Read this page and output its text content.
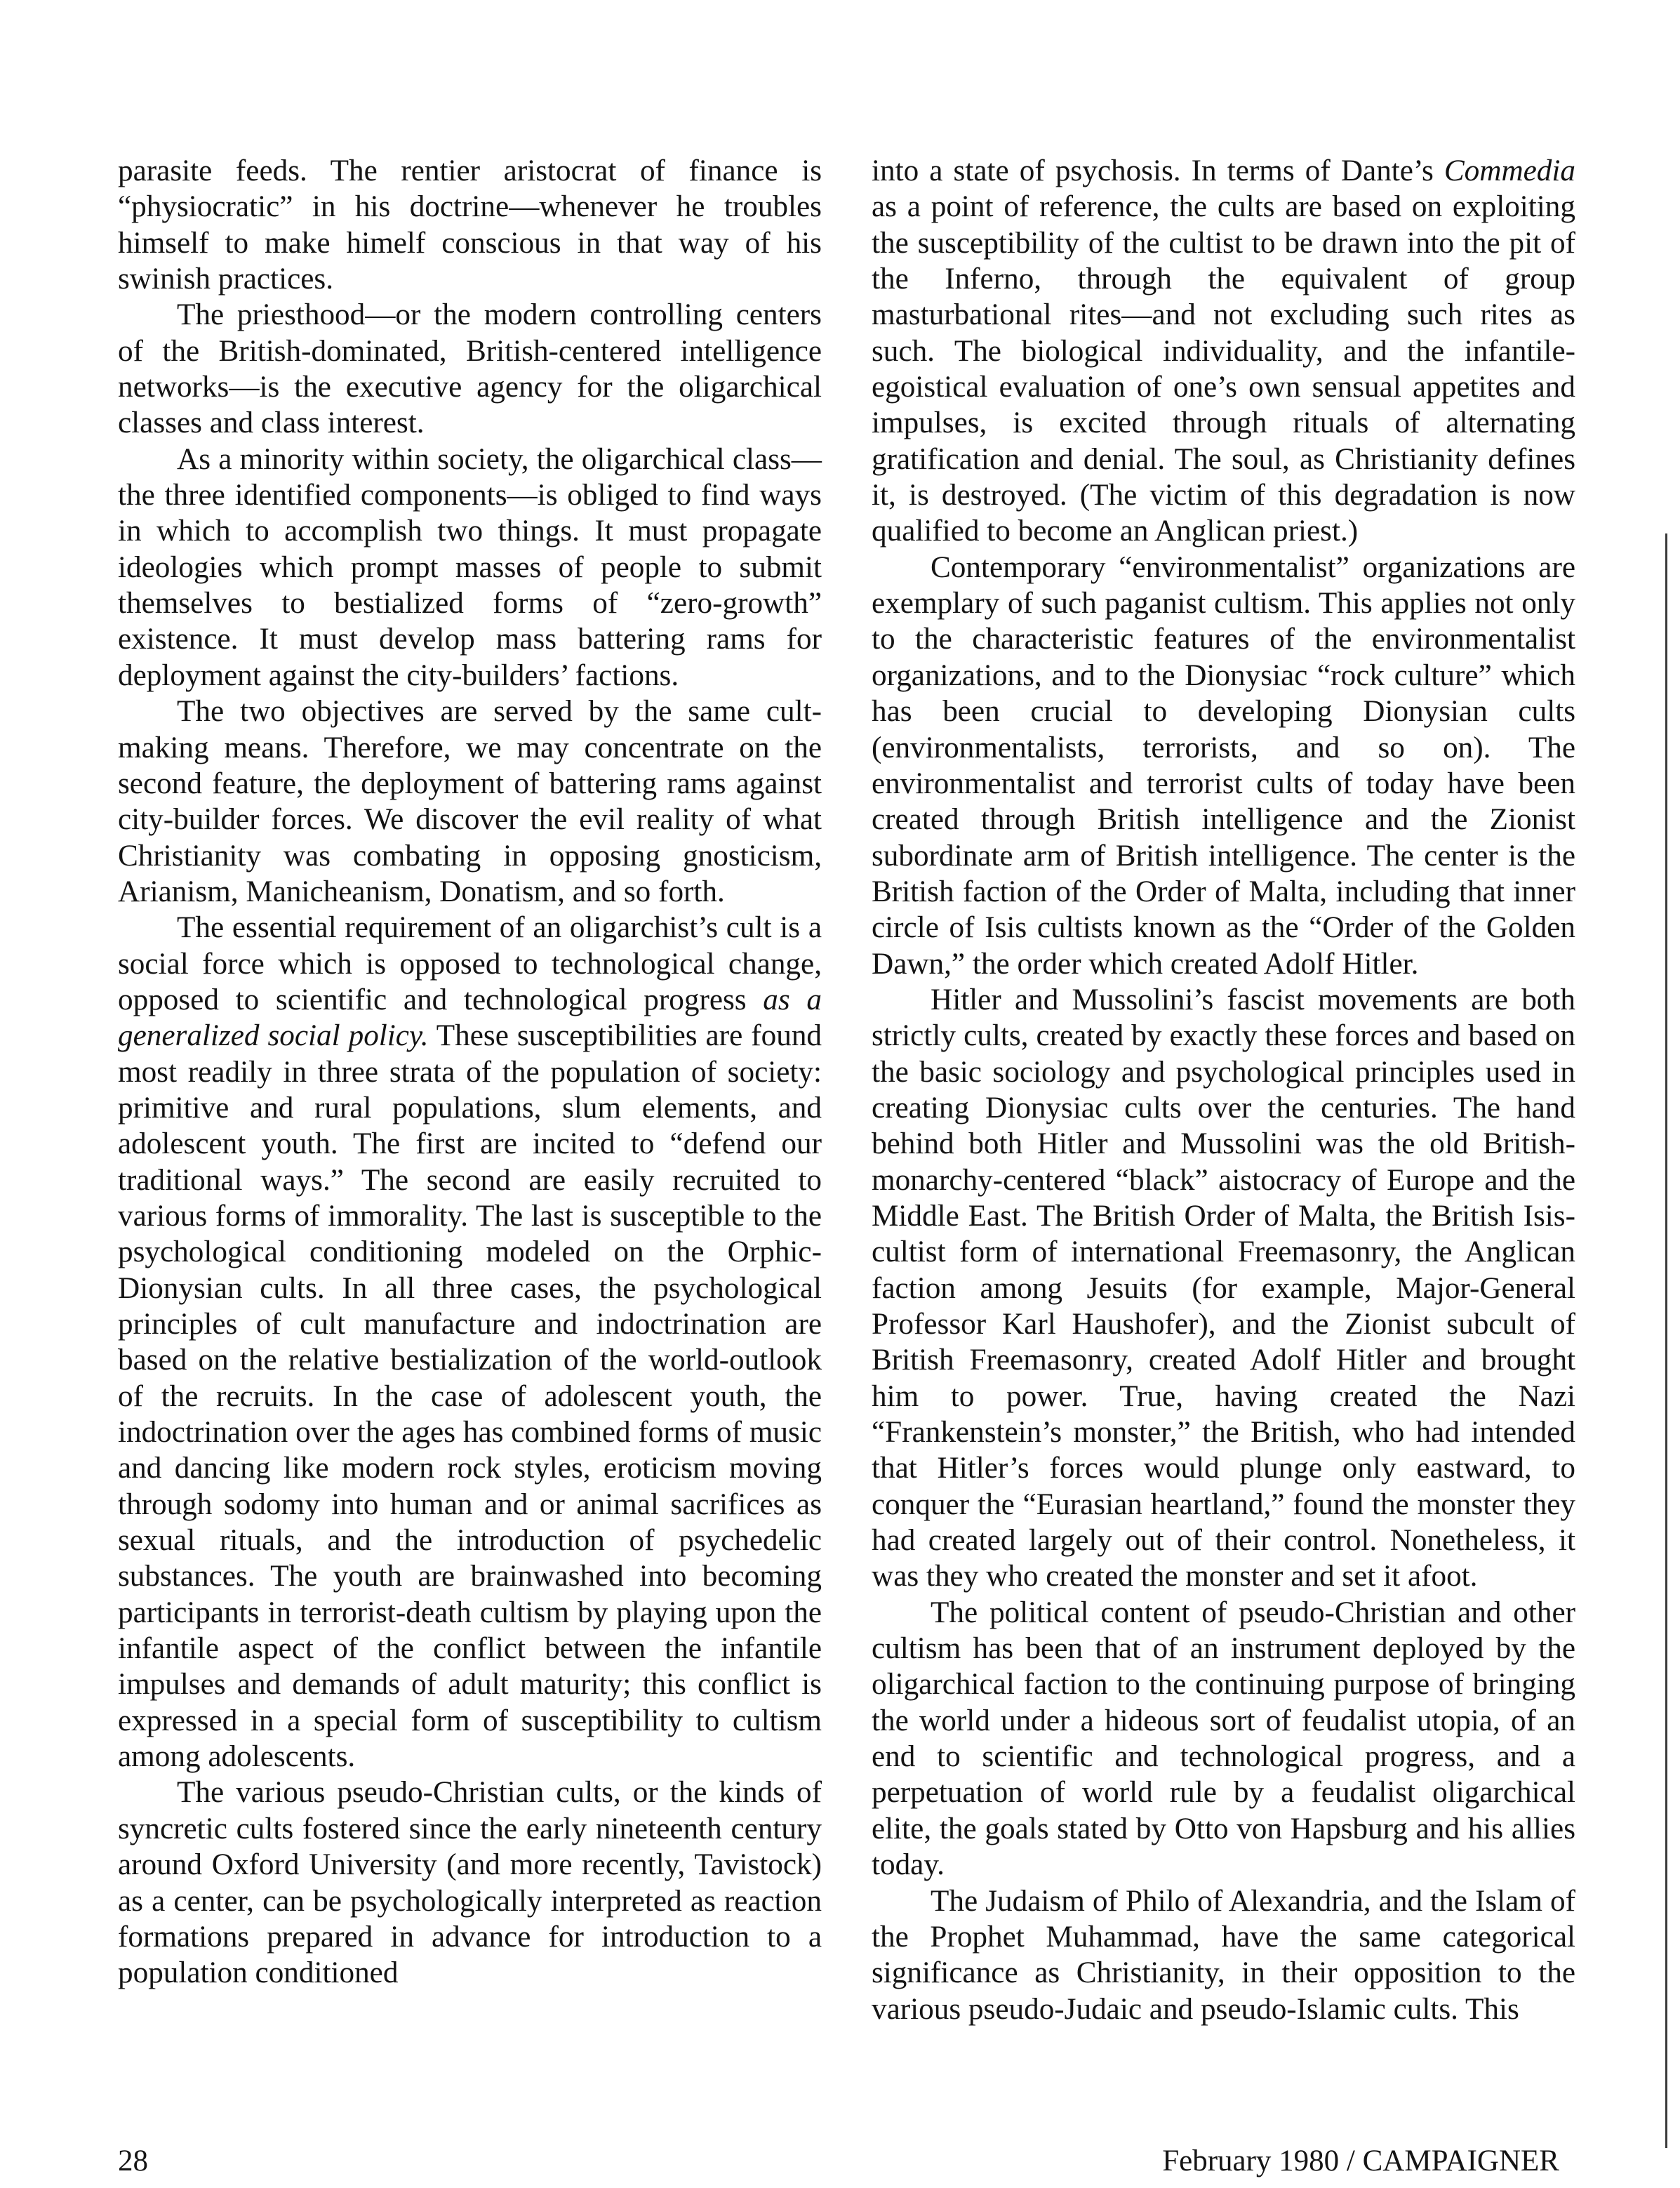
parasite feeds. The rentier aristocrat of finance is “physiocratic” in his doctrine—whenever he troubles himself to make himelf conscious in that way of his swinish practices.

The priesthood—or the modern controlling centers of the British-dominated, British-centered intelligence networks—is the executive agency for the oligarchical classes and class interest.

As a minority within society, the oligarchical class—the three identified components—is obliged to find ways in which to accomplish two things. It must propagate ideologies which prompt masses of people to submit themselves to bestialized forms of “zero-growth” existence. It must develop mass battering rams for deployment against the city-builders’ factions.

The two objectives are served by the same cult-making means. Therefore, we may concentrate on the second feature, the deployment of battering rams against city-builder forces. We discover the evil reality of what Christianity was combating in opposing gnosticism, Arianism, Manicheanism, Donatism, and so forth.

The essential requirement of an oligarchist’s cult is a social force which is opposed to technological change, opposed to scientific and technological progress as a generalized social policy. These susceptibilities are found most readily in three strata of the population of society: primitive and rural populations, slum elements, and adolescent youth. The first are incited to “defend our traditional ways.” The second are easily recruited to various forms of immorality. The last is susceptible to the psychological conditioning modeled on the Orphic-Dionysian cults. In all three cases, the psychological principles of cult manufacture and indoctrination are based on the relative bestialization of the world-outlook of the recruits. In the case of adolescent youth, the indoctrination over the ages has combined forms of music and dancing like modern rock styles, eroticism moving through sodomy into human and or animal sacrifices as sexual rituals, and the introduction of psychedelic substances. The youth are brainwashed into becoming participants in terrorist-death cultism by playing upon the infantile aspect of the conflict between the infantile impulses and demands of adult maturity; this conflict is expressed in a special form of susceptibility to cultism among adolescents.

The various pseudo-Christian cults, or the kinds of syncretic cults fostered since the early nineteenth century around Oxford University (and more recently, Tavistock) as a center, can be psychologically interpreted as reaction formations prepared in advance for introduction to a population conditioned

into a state of psychosis. In terms of Dante’s Commedia as a point of reference, the cults are based on exploiting the susceptibility of the cultist to be drawn into the pit of the Inferno, through the equivalent of group masturbational rites—and not excluding such rites as such. The biological individuality, and the infantile-egoistical evaluation of one’s own sensual appetites and impulses, is excited through rituals of alternating gratification and denial. The soul, as Christianity defines it, is destroyed. (The victim of this degradation is now qualified to become an Anglican priest.)

Contemporary “environmentalist” organizations are exemplary of such paganist cultism. This applies not only to the characteristic features of the environmentalist organizations, and to the Dionysiac “rock culture” which has been crucial to developing Dionysian cults (environmentalists, terrorists, and so on). The environmentalist and terrorist cults of today have been created through British intelligence and the Zionist subordinate arm of British intelligence. The center is the British faction of the Order of Malta, including that inner circle of Isis cultists known as the “Order of the Golden Dawn,” the order which created Adolf Hitler.

Hitler and Mussolini’s fascist movements are both strictly cults, created by exactly these forces and based on the basic sociology and psychological principles used in creating Dionysiac cults over the centuries. The hand behind both Hitler and Mussolini was the old British-monarchy-centered “black” aistocracy of Europe and the Middle East. The British Order of Malta, the British Isis-cultist form of international Freemasonry, the Anglican faction among Jesuits (for example, Major-General Professor Karl Haushofer), and the Zionist subcult of British Freemasonry, created Adolf Hitler and brought him to power. True, having created the Nazi “Frankenstein’s monster,” the British, who had intended that Hitler’s forces would plunge only eastward, to conquer the “Eurasian heartland,” found the monster they had created largely out of their control. Nonetheless, it was they who created the monster and set it afoot.

The political content of pseudo-Christian and other cultism has been that of an instrument deployed by the oligarchical faction to the continuing purpose of bringing the world under a hideous sort of feudalist utopia, of an end to scientific and technological progress, and a perpetuation of world rule by a feudalist oligarchical elite, the goals stated by Otto von Hapsburg and his allies today.

The Judaism of Philo of Alexandria, and the Islam of the Prophet Muhammad, have the same categorical significance as Christianity, in their opposition to the various pseudo-Judaic and pseudo-Islamic cults. This

28	February 1980 / CAMPAIGNER
